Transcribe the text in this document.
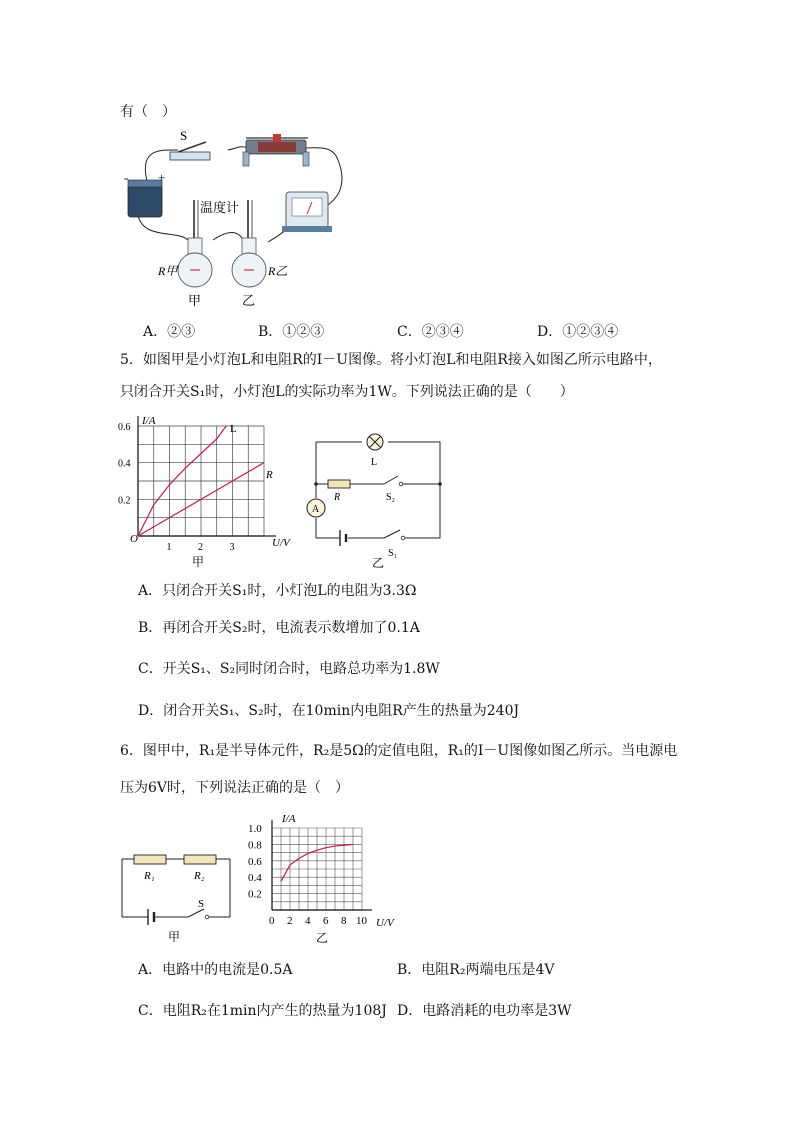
有（　）
S
- +
温度计
R甲
甲
R乙
乙
A．②③	B．①②③	C．②③④	D．①②③④
5．如图甲是小灯泡L和电阻R的I－U图像。将小灯泡L和电阻R接入如图乙所示电路中，
只闭合开关S₁时，小灯泡L的实际功率为1W。下列说法正确的是（　　）
0.6
0.4
0.2
1	2	3
I/A
U/V
O
L
R
甲
S₁
L
R	S₂
A
乙
A．只闭合开关S₁时，小灯泡L的电阻为3.3Ω
B．再闭合开关S₂时，电流表示数增加了0.1A
C．开关S₁、S₂同时闭合时，电路总功率为1.8W
D．闭合开关S₁、S₂时，在10min内电阻R产生的热量为240J
6．图甲中，R₁是半导体元件，R₂是5Ω的定值电阻，R₁的I－U图像如图乙所示。当电源电
压为6V时，下列说法正确的是（　）
R₁	R₂
S
甲
1.0
0.8
0.6
0.4
0.2
0 2 4 6 8 10
I/A
U/V
乙
A．电路中的电流是0.5A	B．电阻R₂两端电压是4V
C．电阻R₂在1min内产生的热量为108J D．电路消耗的电功率是3W
